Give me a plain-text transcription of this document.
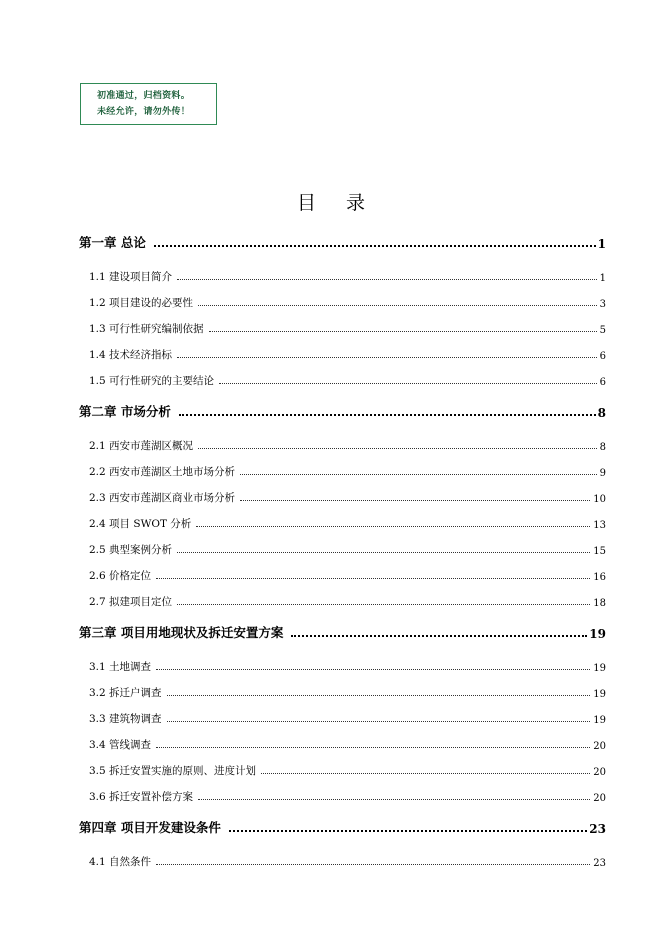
初准通过，归档资料。
未经允许，请勿外传！
目 录
第一章 总论	1
1.1 建设项目简介	1
1.2 项目建设的必要性	3
1.3 可行性研究编制依据	5
1.4 技术经济指标	6
1.5 可行性研究的主要结论	6
第二章 市场分析	8
2.1 西安市莲湖区概况	8
2.2 西安市莲湖区土地市场分析	9
2.3 西安市莲湖区商业市场分析	10
2.4 项目 SWOT 分析	13
2.5 典型案例分析	15
2.6 价格定位	16
2.7 拟建项目定位	18
第三章 项目用地现状及拆迁安置方案	19
3.1 土地调查	19
3.2 拆迁户调查	19
3.3 建筑物调查	19
3.4 管线调查	20
3.5 拆迁安置实施的原则、进度计划	20
3.6 拆迁安置补偿方案	20
第四章 项目开发建设条件	23
4.1 自然条件	23
